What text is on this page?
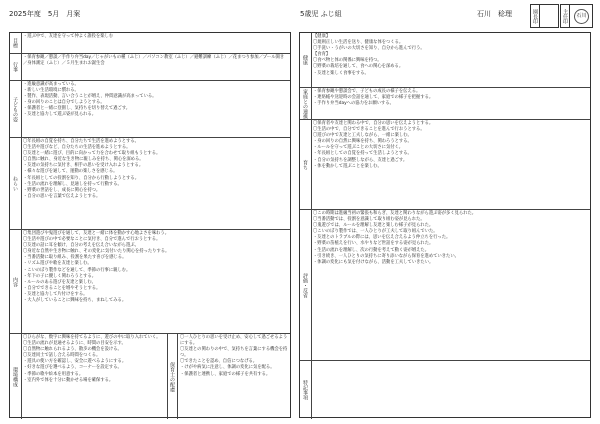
2025年度　5月　月案	5歳児 ふじ組	石川　稔理	園長印	主任印	石川
目標
・遊ぶ中で、友達を守って仲よく誰役を楽しむ
行事
・保育参観／懇談／手作り弁当day／じゃがいもの種（ふじ）／パソコン教室（ふじ）／避難訓練（ふじ）／花まつり参加／プール開き／身体測定（ふじ）／５月生まれお誕生会
子どもの姿
・進級意識が高まっている。
・新しい生活環境に慣れる。
・製作、表現活動、言い合うことが増え、仲間意識が高まっている。
・身の回りのことは自分でしようとする。
・保護者と一緒に登園し、気持ちを切り替えて過ごす。
・友達と協力して遊ぶ姿が見られる。
ねらい
〇年長組の自覚を持ち、自分たちで生活を進めようとする。
〇生活や遊びなど、自分たちの生活を進めようとする。
〇友達と一緒に遊び、目的に向かって力を合わせて取り組もうとする。
〇自然に触れ、身近な生き物に親しみを持ち、関心を深める。
・友達の気持ちに気付き、相手の思いを受け入れようとする。
・様々な遊びを通して、運動の楽しさを感じる。
・年長組としての役割を知り、自分から行動しようとする。
・生活の流れを理解し、見通しを持って行動する。
・野菜の世話をし、成長に関心を持つ。
・自分の思いを言葉で伝えようとする。
内容
〇集団遊びや鬼遊びを通して、友達と一緒に体を動かす心地よさを味わう。
〇生活や遊びの中で必要なことに気付き、自分で進んで行おうとする。
〇友達の話に耳を傾け、自分の考えを伝え合いながら遊ぶ。
〇身近な自然や生き物に触れ、その変化に気付いたり関心を持ったりする。
・当番活動に取り組み、役割を果たす喜びを感じる。
・リズム遊びや歌を友達と楽しむ。
・こいのぼり製作などを通して、季節の行事に親しむ。
・年下の子に優しく関わろうとする。
・ルールのある遊びを友達と楽しむ。
・自分でできることを増やそうとする。
・友達と協力して片付けをする。
・大人がしていることに興味を持ち、まねしてみる。
環境構成
〇ひらがな、数字に興味を持てるように、遊びの中に取り入れていく。
〇生活の流れが見通せるように、時間の目安を示す。
〇自然物に触れられるよう、散歩の機会を設ける。
〇友達同士で話し合える時間をつくる。
・遊具の使い方を確認し、安全に遊べるようにする。
・好きな遊びを選べるよう、コーナーを設定する。
・季節の歌や絵本を用意する。
・室内外で体を十分に動かせる場を確保する。	保育士の配慮
〇一人ひとりの思いを受け止め、安心して過ごせるようにする。
〇友達との関わりの中で、気持ちを言葉にする機会を持つ。
〇できたことを認め、自信につなげる。
・けがや病気に注意し、体調の変化に気を配る。
・保護者と連携し、家庭での様子を共有する。
健康
【健康】
〇規則正しい生活を送り、健康な体をつくる。
〇手洗い・うがいの大切さを知り、自分から進んで行う。
【食育】
〇食べ物と体の関係に興味を持つ。
〇野菜の栽培を通して、食への関心を深める。
・友達と楽しく食事をする。
家庭との連携	・保育参観や懇談会で、子どもの成長の様子を伝える。
・連絡帳や送迎時の会話を通して、家庭での様子を把握する。
・手作り弁当dayへの協力をお願いする。
育ち
〇保育者や友達と関わる中で、自分の思いを伝えようとする。
〇生活の中で、自分でできることを進んで行おうとする。
〇遊びの中で友達と工夫しながら、一緒に楽しむ。
・身の回りの自然に興味を持ち、関わろうとする。
・ルールを守って遊ぶことの大切さに気付く。
・年長組としての自覚を持って生活しようとする。
・自分の気持ちを調整しながら、友達と過ごす。
・体を動かして遊ぶことを楽しむ。
評価・反省
〇この時期は進級当初の緊張も和らぎ、友達と関わりながら遊ぶ姿が多く見られた。
〇当番活動では、役割を意識して取り組む姿が見られた。
〇鬼遊びでは、ルールを理解し友達と楽しむ様子が見られた。
〇こいのぼり製作では、一人ひとりが工夫して取り組んでいた。
・友達とのトラブルの際には、思いを伝え合えるよう仲立ちを行った。
・野菜の苗植えを行い、水やりなど世話をする姿が見られた。
・生活の流れを理解し、次の行動を考えて動く姿が増えた。
・引き続き、一人ひとりの気持ちに寄り添いながら保育を進めていきたい。
・体調の変化にも気を付けながら、活動を工夫していきたい。
特記事項
